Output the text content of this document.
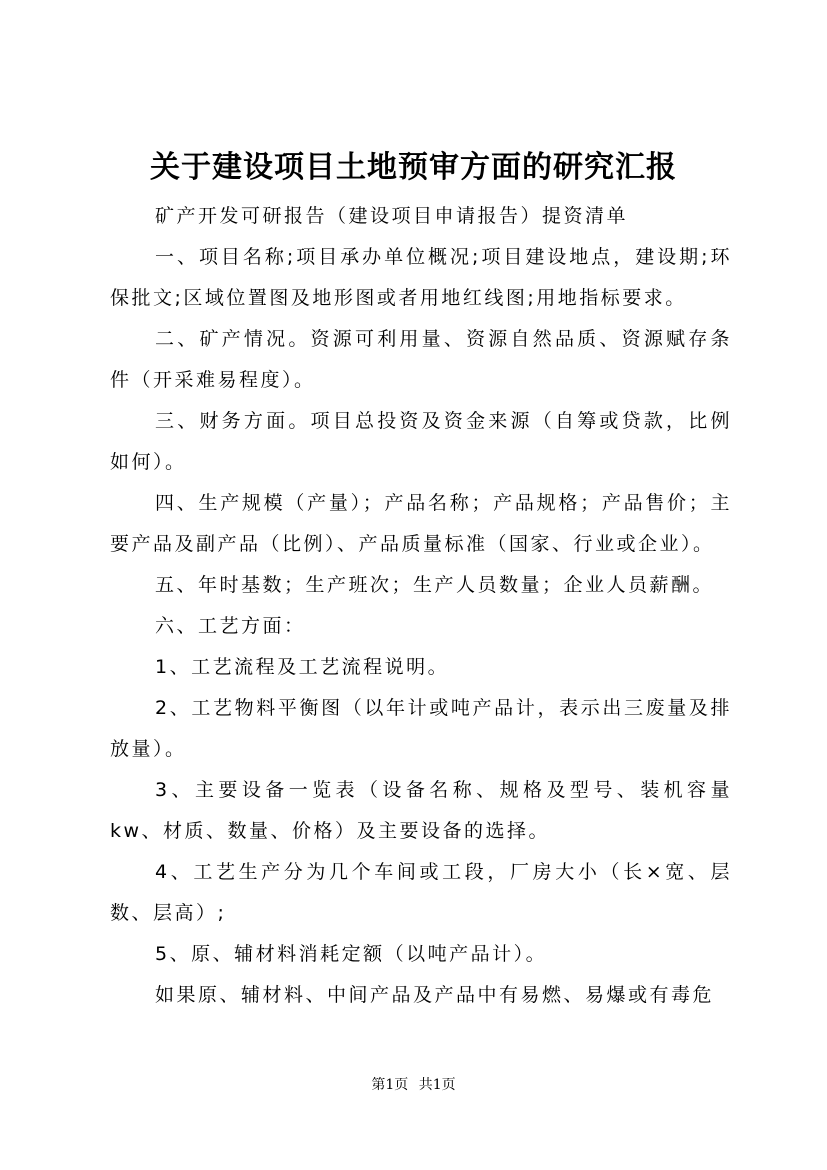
关于建设项目土地预审方面的研究汇报

矿产开发可研报告（建设项目申请报告）提资清单

一、项目名称;项目承办单位概况;项目建设地点，建设期;环保批文;区域位置图及地形图或者用地红线图;用地指标要求。

二、矿产情况。资源可利用量、资源自然品质、资源赋存条件（开采难易程度）。

三、财务方面。项目总投资及资金来源（自筹或贷款，比例如何）。

四、生产规模（产量）；产品名称；产品规格；产品售价；主要产品及副产品（比例）、产品质量标准（国家、行业或企业）。

五、年时基数；生产班次；生产人员数量；企业人员薪酬。

六、工艺方面：

1、工艺流程及工艺流程说明。

2、工艺物料平衡图（以年计或吨产品计，表示出三废量及排放量）。

3、主要设备一览表（设备名称、规格及型号、装机容量kw、材质、数量、价格）及主要设备的选择。

4、工艺生产分为几个车间或工段，厂房大小（长×宽、层数、层高）;

5、原、辅材料消耗定额（以吨产品计）。

如果原、辅材料、中间产品及产品中有易燃、易爆或有毒危

第1页 共1页
